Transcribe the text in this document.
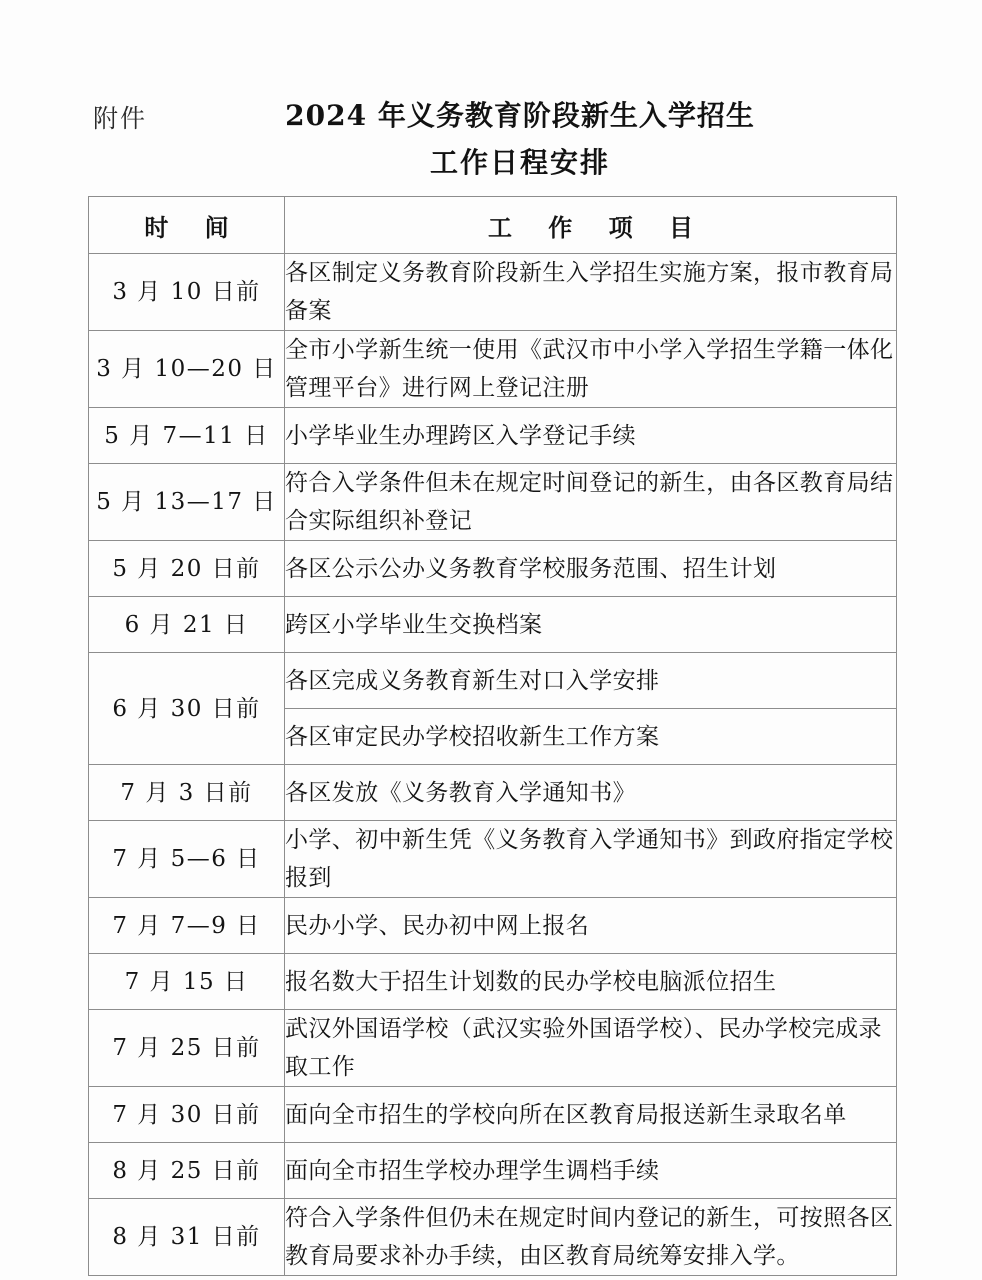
附件	2024 年义务教育阶段新生入学招生
工作日程安排
时 间	工 作 项 目
3 月 10 日前	各区制定义务教育阶段新生入学招生实施方案，报市教育局备案

3 月 10—20 日	全市小学新生统一使用《武汉市中小学入学招生学籍一体化管理平台》进行网上登记注册

5 月 7—11 日	小学毕业生办理跨区入学登记手续

5 月 13—17 日	符合入学条件但未在规定时间登记的新生，由各区教育局结合实际组织补登记

5 月 20 日前	各区公示公办义务教育学校服务范围、招生计划

6 月 21 日	跨区小学毕业生交换档案

6 月 30 日前	各区完成义务教育新生对口入学安排

	各区审定民办学校招收新生工作方案

7 月 3 日前	各区发放《义务教育入学通知书》

7 月 5—6 日	小学、初中新生凭《义务教育入学通知书》到政府指定学校报到

7 月 7—9 日	民办小学、民办初中网上报名

7 月 15 日	报名数大于招生计划数的民办学校电脑派位招生

7 月 25 日前	武汉外国语学校（武汉实验外国语学校）、民办学校完成录取工作

7 月 30 日前	面向全市招生的学校向所在区教育局报送新生录取名单

8 月 25 日前	面向全市招生学校办理学生调档手续

8 月 31 日前	符合入学条件但仍未在规定时间内登记的新生，可按照各区教育局要求补办手续，由区教育局统筹安排入学。
